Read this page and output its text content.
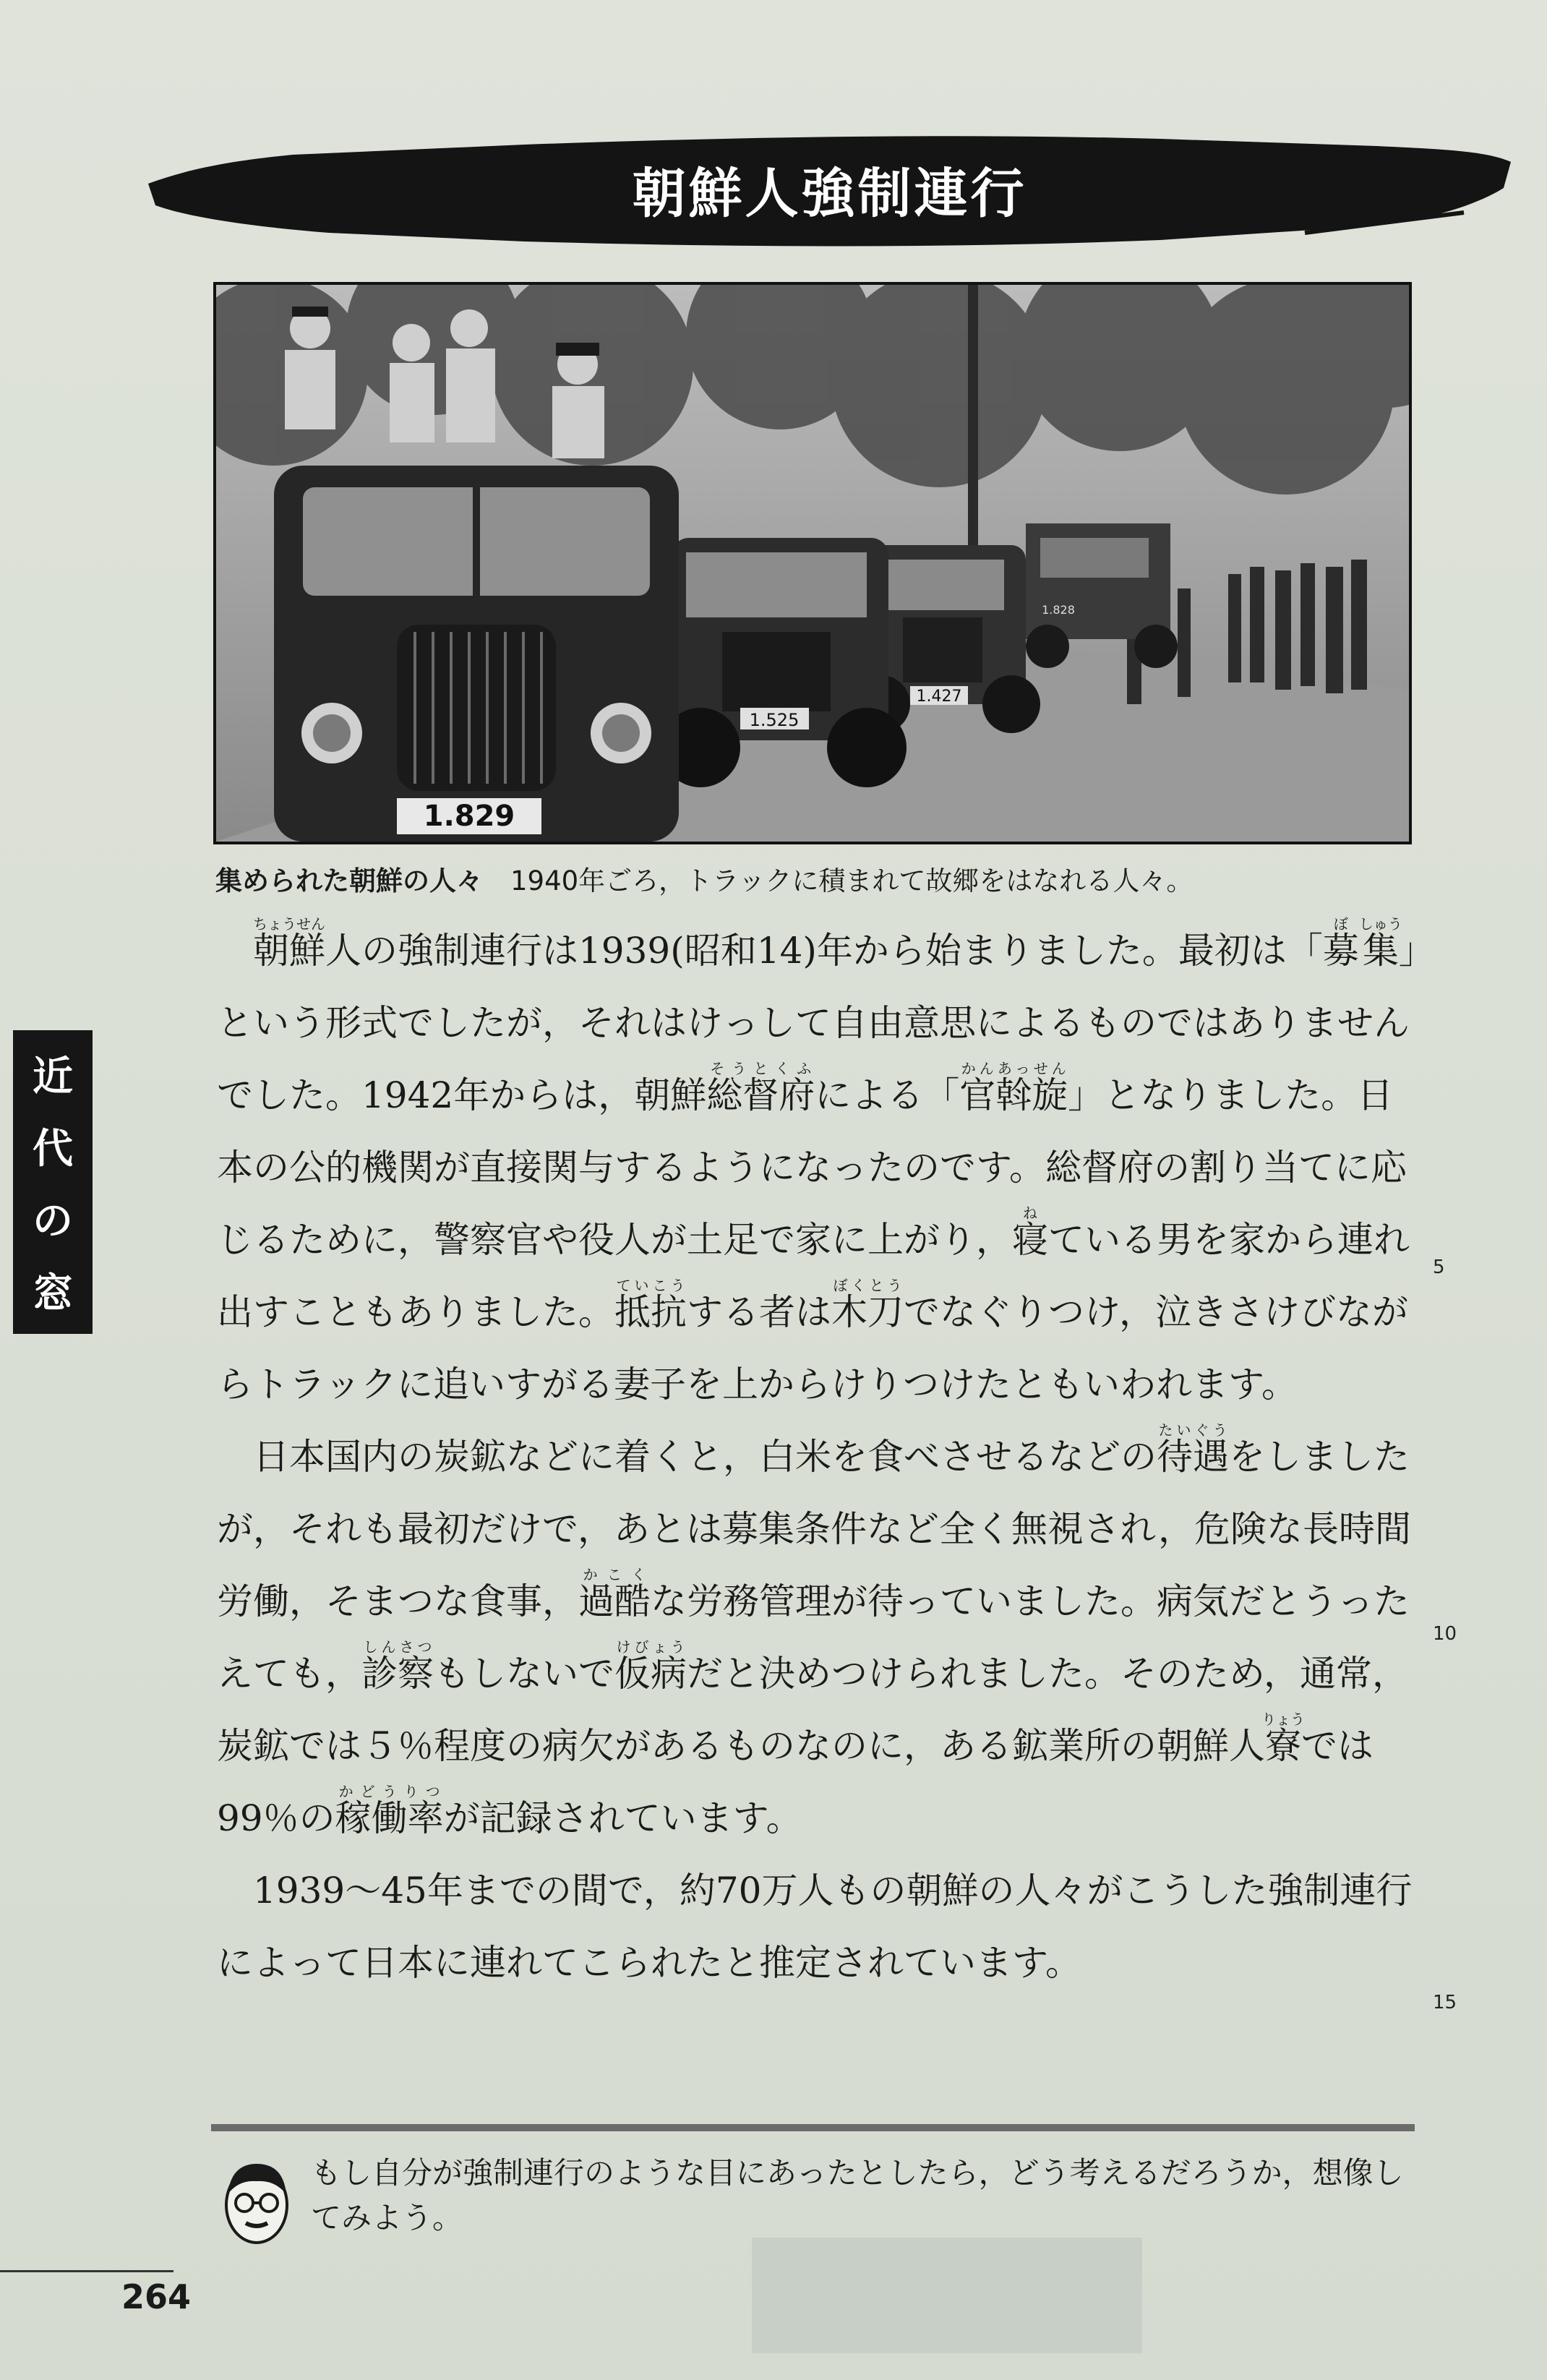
朝鮮人強制連行
1.829
1.525
1.427
1.828
集められた朝鮮の人々 1940年ごろ，トラックに積まれて故郷をはなれる人々。

朝鮮ちょうせん人の強制連行は1939(昭和14)年から始まりました。最初は「募ぼ集しゅう」という形式でしたが，それはけっして自由意思によるものではありませんでした。1942年からは，朝鮮総督府そうとくふによる「官斡旋かんあっせん」となりました。日本の公的機関が直接関与するようになったのです。総督府の割り当てに応じるために，警察官や役人が土足で家に上がり，寝ねている男を家から連れ出すこともありました。抵抗ていこうする者は木刀ぼくとうでなぐりつけ，泣きさけびながらトラックに追いすがる妻子を上からけりつけたともいわれます。

日本国内の炭鉱などに着くと，白米を食べさせるなどの待遇たいぐうをしましたが，それも最初だけで，あとは募集条件など全く無視され，危険な長時間労働，そまつな食事，過酷かこくな労務管理が待っていました。病気だとうったえても，診察しんさつもしないで仮病けびょうだと決めつけられました。そのため，通常，炭鉱では５％程度の病欠があるものなのに，ある鉱業所の朝鮮人寮りょうでは99％の稼働率かどうりつが記録されています。

1939～45年までの間で，約70万人もの朝鮮の人々がこうした強制連行によって日本に連れてこられたと推定されています。

5
10
15
近
代
の
窓
もし自分が強制連行のような目にあったとしたら，どう考えるだろうか，想像してみよう。
264
